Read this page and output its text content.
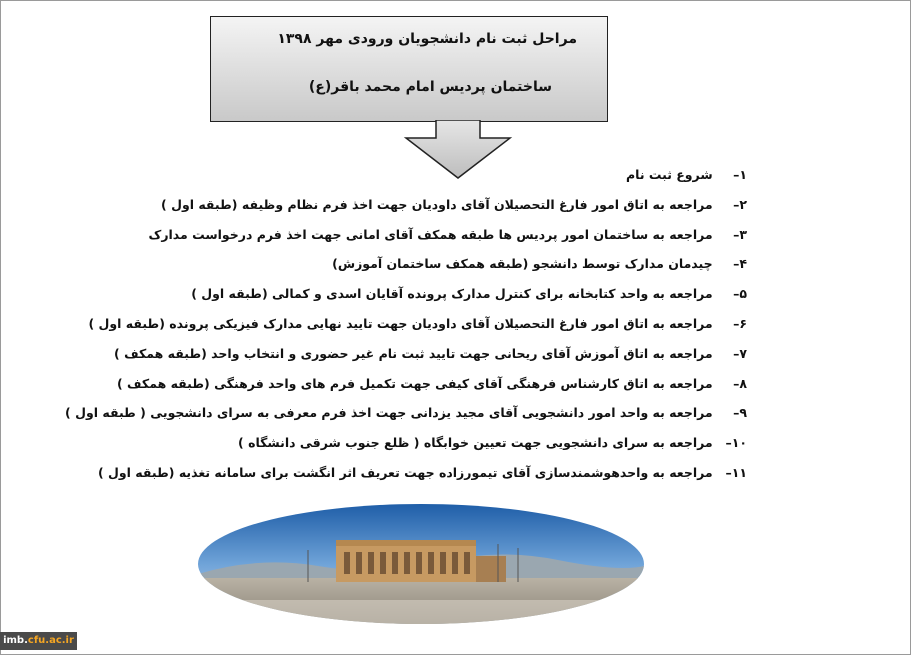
مراحل ثبت نام دانشجویان ورودی مهر ۱۳۹۸
ساختمان پردیس امام محمد باقر(ع)
۱– شروع ثبت نام
۲– مراجعه به اتاق امور فارغ التحصیلان آقای داودیان جهت اخذ فرم نظام وظیفه (طبقه اول )
۳– مراجعه به ساختمان امور پردیس ها طبقه همکف آقای امانی جهت اخذ فرم درخواست مدارک
۴– چیدمان مدارک توسط دانشجو (طبقه همکف ساختمان آموزش)
۵– مراجعه به واحد کتابخانه برای کنترل مدارک پرونده آقایان اسدی و کمالی (طبقه اول )
۶– مراجعه به اتاق امور فارغ التحصیلان آقای داودیان جهت تایید نهایی مدارک فیزیکی پرونده (طبقه اول )
۷– مراجعه به اتاق آموزش آقای ریحانی جهت تایید ثبت نام غیر حضوری و انتخاب واحد (طبقه همکف )
۸– مراجعه به اتاق کارشناس فرهنگی آقای کیفی جهت تکمیل فرم های واحد فرهنگی (طبقه همکف )
۹– مراجعه به واحد امور دانشجویی آقای مجید یزدانی جهت اخذ فرم معرفی به سرای دانشجویی ( طبقه اول )
۱۰– مراجعه به سرای دانشجویی جهت تعیین خوابگاه ( ظلع جنوب شرقی دانشگاه )
۱۱– مراجعه به واحدهوشمندسازی آقای تیمورزاده جهت تعریف اثر انگشت برای سامانه تغذیه (طبقه اول )
imb.cfu.ac.ir
